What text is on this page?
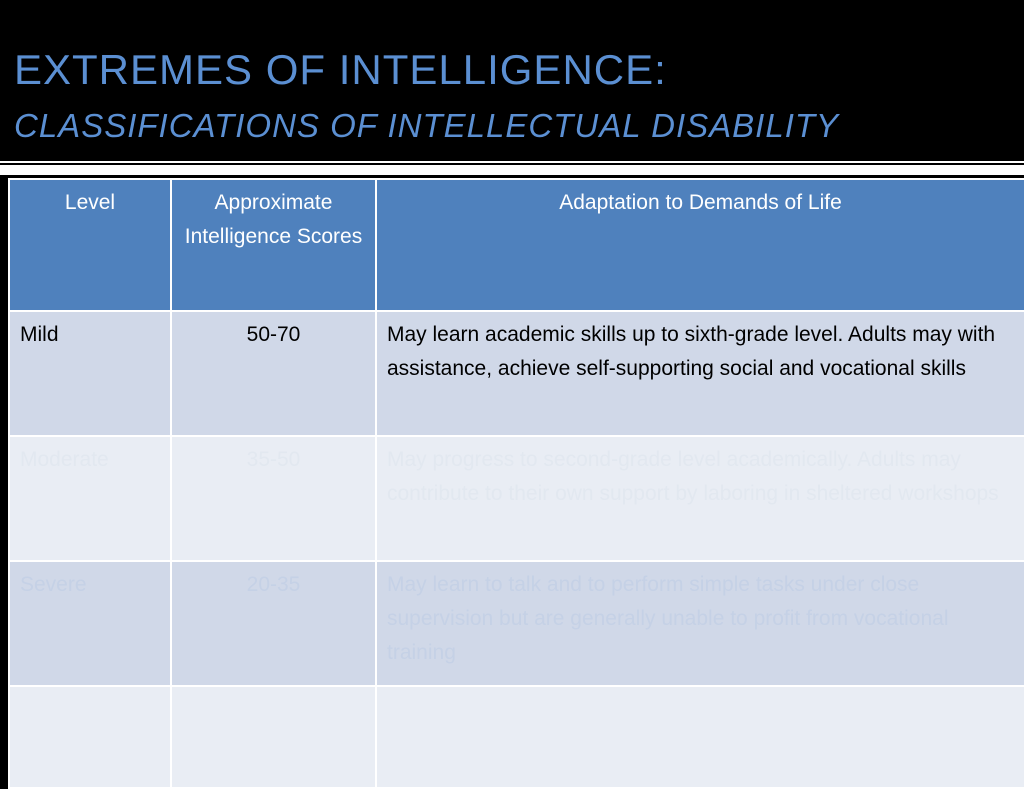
EXTREMES OF INTELLIGENCE:
CLASSIFICATIONS OF INTELLECTUAL DISABILITY
Level	Approximate Intelligence Scores	Adaptation to Demands of Life
Mild	50-70	May learn academic skills up to sixth-grade level. Adults may with assistance, achieve self-supporting social and vocational skills
Moderate	35-50	May progress to second-grade level academically. Adults may contribute to their own support by laboring in sheltered workshops
Severe	20-35	May learn to talk and to perform simple tasks under close supervision but are generally unable to profit from vocational training
